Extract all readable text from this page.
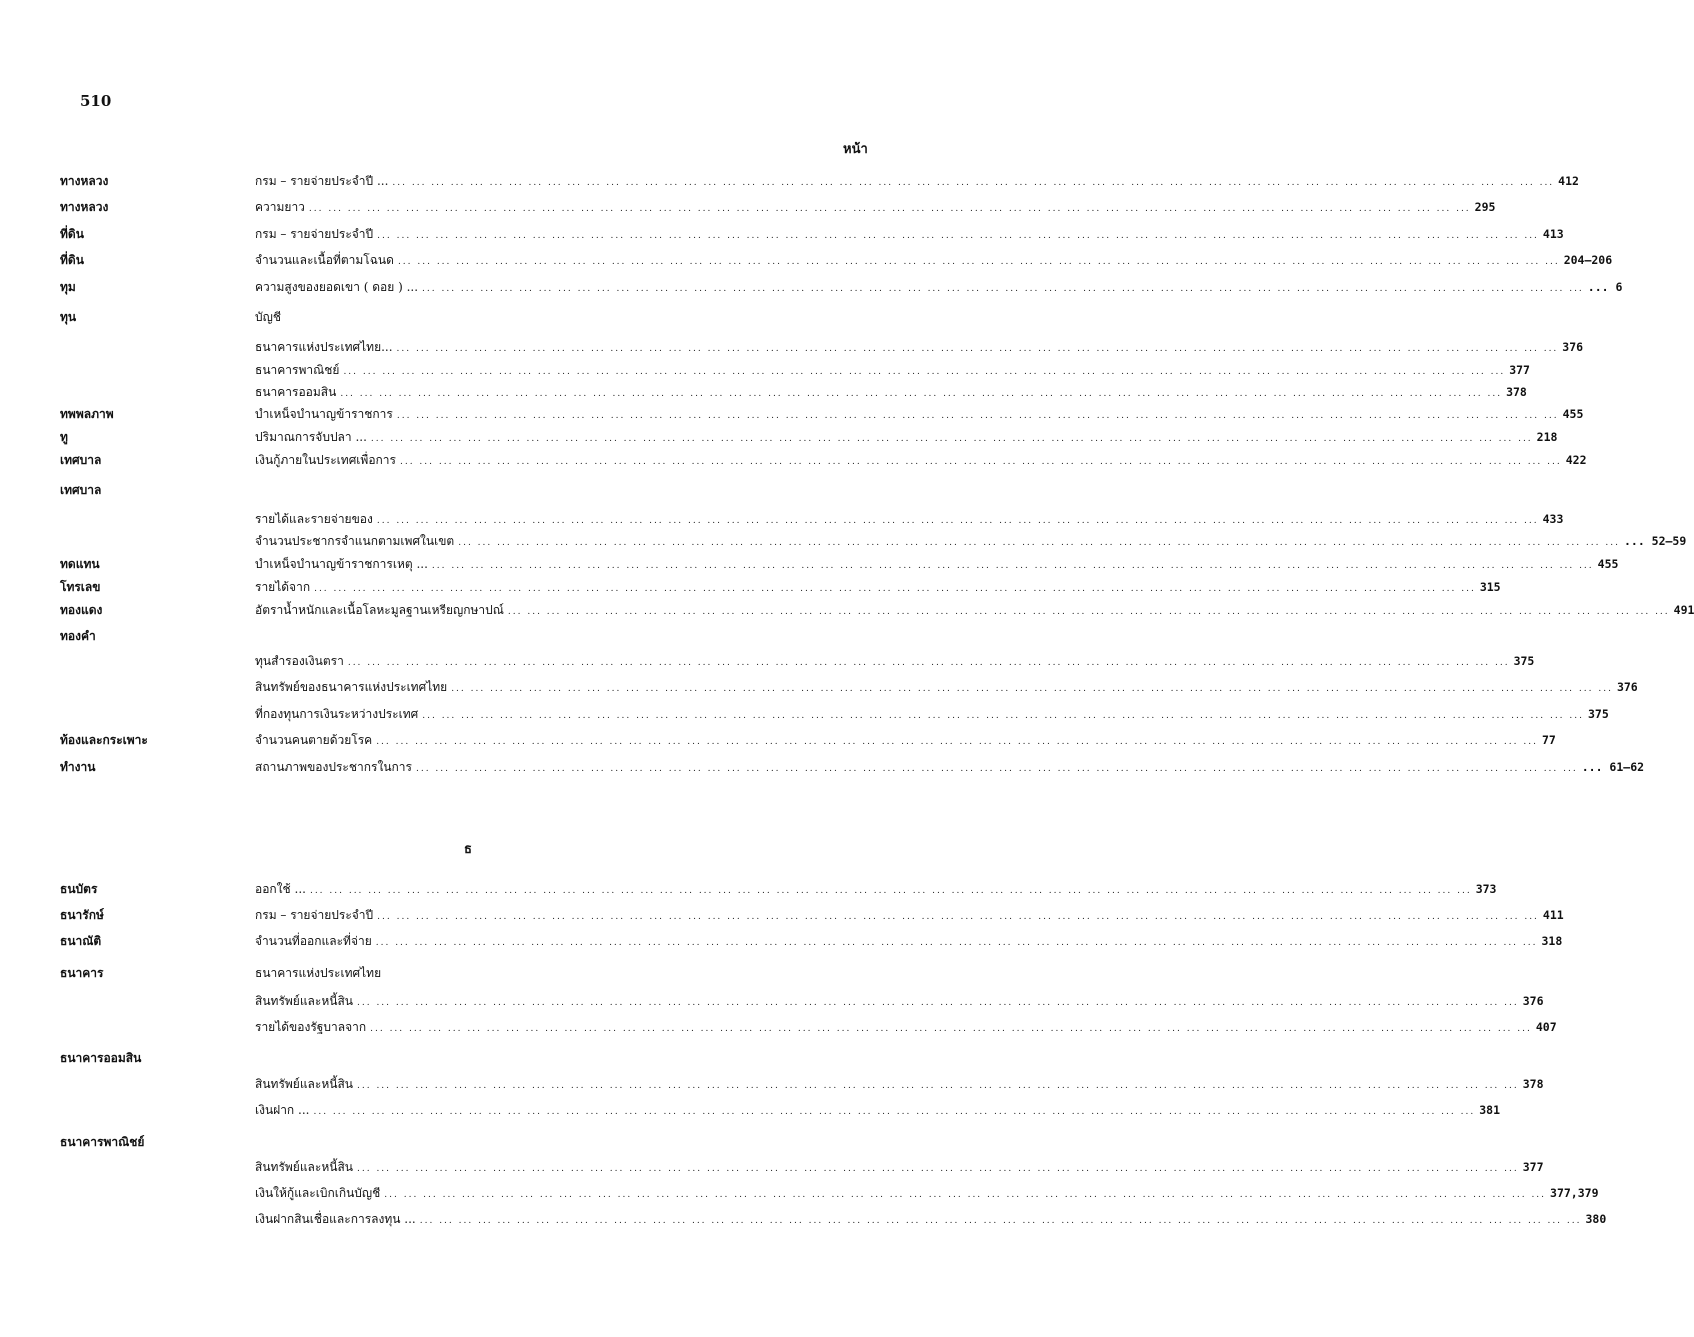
510
หน้า
ธ
ทางหลวง	กรม – รายจ่ายประจำปี ... ... ... ... ... ... ... ... ... ... ... ... ... ... ... ... ... ... ... ... ... ... ... ... ... ... ... ... ... ... ... ... ... ... ... ... ... ... ... ... ... ... ... ... ... ... ... ... ... ... ... ... ... ... ... ... ... ... ... ... ... 412
ทางหลวง	ความยาว ... ... ... ... ... ... ... ... ... ... ... ... ... ... ... ... ... ... ... ... ... ... ... ... ... ... ... ... ... ... ... ... ... ... ... ... ... ... ... ... ... ... ... ... ... ... ... ... ... ... ... ... ... ... ... ... ... ... ... ... 295
ที่ดิน	กรม – รายจ่ายประจำปี ... ... ... ... ... ... ... ... ... ... ... ... ... ... ... ... ... ... ... ... ... ... ... ... ... ... ... ... ... ... ... ... ... ... ... ... ... ... ... ... ... ... ... ... ... ... ... ... ... ... ... ... ... ... ... ... ... ... ... ... 413
ที่ดิน	จำนวนและเนื้อที่ตามโฉนด ... ... ... ... ... ... ... ... ... ... ... ... ... ... ... ... ... ... ... ... ... ... ... ... ... ... ... ... ... ... ... ... ... ... ... ... ... ... ... ... ... ... ... ... ... ... ... ... ... ... ... ... ... ... ... ... ... ... ... ... 204–206
ทุม	ความสูงของยอดเขา ( ดอย ) ... ... ... ... ... ... ... ... ... ... ... ... ... ... ... ... ... ... ... ... ... ... ... ... ... ... ... ... ... ... ... ... ... ... ... ... ... ... ... ... ... ... ... ... ... ... ... ... ... ... ... ... ... ... ... ... ... ... ... ... ... ... 6
ทุน	บัญชี
ธนาคารแห่งประเทศไทย... ... ... ... ... ... ... ... ... ... ... ... ... ... ... ... ... ... ... ... ... ... ... ... ... ... ... ... ... ... ... ... ... ... ... ... ... ... ... ... ... ... ... ... ... ... ... ... ... ... ... ... ... ... ... ... ... ... ... ... ... 376
ธนาคารพาณิชย์ ... ... ... ... ... ... ... ... ... ... ... ... ... ... ... ... ... ... ... ... ... ... ... ... ... ... ... ... ... ... ... ... ... ... ... ... ... ... ... ... ... ... ... ... ... ... ... ... ... ... ... ... ... ... ... ... ... ... ... ... 377
ธนาคารออมสิน ... ... ... ... ... ... ... ... ... ... ... ... ... ... ... ... ... ... ... ... ... ... ... ... ... ... ... ... ... ... ... ... ... ... ... ... ... ... ... ... ... ... ... ... ... ... ... ... ... ... ... ... ... ... ... ... ... ... ... ... 378
ทพพลภาพ	บำเหน็จบำนาญข้าราชการ ... ... ... ... ... ... ... ... ... ... ... ... ... ... ... ... ... ... ... ... ... ... ... ... ... ... ... ... ... ... ... ... ... ... ... ... ... ... ... ... ... ... ... ... ... ... ... ... ... ... ... ... ... ... ... ... ... ... ... ... 455
ทู	ปริมาณการจับปลา ... ... ... ... ... ... ... ... ... ... ... ... ... ... ... ... ... ... ... ... ... ... ... ... ... ... ... ... ... ... ... ... ... ... ... ... ... ... ... ... ... ... ... ... ... ... ... ... ... ... ... ... ... ... ... ... ... ... ... ... ... 218
เทศบาล	เงินกู้ภายในประเทศเพื่อการ ... ... ... ... ... ... ... ... ... ... ... ... ... ... ... ... ... ... ... ... ... ... ... ... ... ... ... ... ... ... ... ... ... ... ... ... ... ... ... ... ... ... ... ... ... ... ... ... ... ... ... ... ... ... ... ... ... ... ... ... 422
เทศบาล
รายได้และรายจ่ายของ ... ... ... ... ... ... ... ... ... ... ... ... ... ... ... ... ... ... ... ... ... ... ... ... ... ... ... ... ... ... ... ... ... ... ... ... ... ... ... ... ... ... ... ... ... ... ... ... ... ... ... ... ... ... ... ... ... ... ... ... 433
จำนวนประชากรจำแนกตามเพศในเขต ... ... ... ... ... ... ... ... ... ... ... ... ... ... ... ... ... ... ... ... ... ... ... ... ... ... ... ... ... ... ... ... ... ... ... ... ... ... ... ... ... ... ... ... ... ... ... ... ... ... ... ... ... ... ... ... ... ... ... ... ... 52–59
ทดแทน	บำเหน็จบำนาญข้าราชการเหตุ ... ... ... ... ... ... ... ... ... ... ... ... ... ... ... ... ... ... ... ... ... ... ... ... ... ... ... ... ... ... ... ... ... ... ... ... ... ... ... ... ... ... ... ... ... ... ... ... ... ... ... ... ... ... ... ... ... ... ... ... ... 455
โทรเลข	รายได้จาก ... ... ... ... ... ... ... ... ... ... ... ... ... ... ... ... ... ... ... ... ... ... ... ... ... ... ... ... ... ... ... ... ... ... ... ... ... ... ... ... ... ... ... ... ... ... ... ... ... ... ... ... ... ... ... ... ... ... ... ... 315
ทองแดง	อัตราน้ำหนักและเนื้อโลหะมูลฐานเหรียญกษาปณ์ ... ... ... ... ... ... ... ... ... ... ... ... ... ... ... ... ... ... ... ... ... ... ... ... ... ... ... ... ... ... ... ... ... ... ... ... ... ... ... ... ... ... ... ... ... ... ... ... ... ... ... ... ... ... ... ... ... ... ... ... 491
ทองคำ
ทุนสำรองเงินตรา ... ... ... ... ... ... ... ... ... ... ... ... ... ... ... ... ... ... ... ... ... ... ... ... ... ... ... ... ... ... ... ... ... ... ... ... ... ... ... ... ... ... ... ... ... ... ... ... ... ... ... ... ... ... ... ... ... ... ... ... 375
สินทรัพย์ของธนาคารแห่งประเทศไทย ... ... ... ... ... ... ... ... ... ... ... ... ... ... ... ... ... ... ... ... ... ... ... ... ... ... ... ... ... ... ... ... ... ... ... ... ... ... ... ... ... ... ... ... ... ... ... ... ... ... ... ... ... ... ... ... ... ... ... ... 376
ที่กองทุนการเงินระหว่างประเทศ ... ... ... ... ... ... ... ... ... ... ... ... ... ... ... ... ... ... ... ... ... ... ... ... ... ... ... ... ... ... ... ... ... ... ... ... ... ... ... ... ... ... ... ... ... ... ... ... ... ... ... ... ... ... ... ... ... ... ... ... 375
ท้องและกระเพาะ	จำนวนคนตายด้วยโรค ... ... ... ... ... ... ... ... ... ... ... ... ... ... ... ... ... ... ... ... ... ... ... ... ... ... ... ... ... ... ... ... ... ... ... ... ... ... ... ... ... ... ... ... ... ... ... ... ... ... ... ... ... ... ... ... ... ... ... ... 77
ทำงาน	สถานภาพของประชากรในการ ... ... ... ... ... ... ... ... ... ... ... ... ... ... ... ... ... ... ... ... ... ... ... ... ... ... ... ... ... ... ... ... ... ... ... ... ... ... ... ... ... ... ... ... ... ... ... ... ... ... ... ... ... ... ... ... ... ... ... ... ... 61–62
ธนบัตร	ออกใช้ ... ... ... ... ... ... ... ... ... ... ... ... ... ... ... ... ... ... ... ... ... ... ... ... ... ... ... ... ... ... ... ... ... ... ... ... ... ... ... ... ... ... ... ... ... ... ... ... ... ... ... ... ... ... ... ... ... ... ... ... ... 373
ธนารักษ์	กรม – รายจ่ายประจำปี ... ... ... ... ... ... ... ... ... ... ... ... ... ... ... ... ... ... ... ... ... ... ... ... ... ... ... ... ... ... ... ... ... ... ... ... ... ... ... ... ... ... ... ... ... ... ... ... ... ... ... ... ... ... ... ... ... ... ... ... 411
ธนาณัติ	จำนวนที่ออกและที่จ่าย ... ... ... ... ... ... ... ... ... ... ... ... ... ... ... ... ... ... ... ... ... ... ... ... ... ... ... ... ... ... ... ... ... ... ... ... ... ... ... ... ... ... ... ... ... ... ... ... ... ... ... ... ... ... ... ... ... ... ... ... 318
ธนาคาร	ธนาคารแห่งประเทศไทย
สินทรัพย์และหนี้สิน ... ... ... ... ... ... ... ... ... ... ... ... ... ... ... ... ... ... ... ... ... ... ... ... ... ... ... ... ... ... ... ... ... ... ... ... ... ... ... ... ... ... ... ... ... ... ... ... ... ... ... ... ... ... ... ... ... ... ... ... 376
รายได้ของรัฐบาลจาก ... ... ... ... ... ... ... ... ... ... ... ... ... ... ... ... ... ... ... ... ... ... ... ... ... ... ... ... ... ... ... ... ... ... ... ... ... ... ... ... ... ... ... ... ... ... ... ... ... ... ... ... ... ... ... ... ... ... ... ... 407
ธนาคารออมสิน
สินทรัพย์และหนี้สิน ... ... ... ... ... ... ... ... ... ... ... ... ... ... ... ... ... ... ... ... ... ... ... ... ... ... ... ... ... ... ... ... ... ... ... ... ... ... ... ... ... ... ... ... ... ... ... ... ... ... ... ... ... ... ... ... ... ... ... ... 378
เงินฝาก ... ... ... ... ... ... ... ... ... ... ... ... ... ... ... ... ... ... ... ... ... ... ... ... ... ... ... ... ... ... ... ... ... ... ... ... ... ... ... ... ... ... ... ... ... ... ... ... ... ... ... ... ... ... ... ... ... ... ... ... ... 381
ธนาคารพาณิชย์
สินทรัพย์และหนี้สิน ... ... ... ... ... ... ... ... ... ... ... ... ... ... ... ... ... ... ... ... ... ... ... ... ... ... ... ... ... ... ... ... ... ... ... ... ... ... ... ... ... ... ... ... ... ... ... ... ... ... ... ... ... ... ... ... ... ... ... ... 377
เงินให้กู้และเบิกเกินบัญชี ... ... ... ... ... ... ... ... ... ... ... ... ... ... ... ... ... ... ... ... ... ... ... ... ... ... ... ... ... ... ... ... ... ... ... ... ... ... ... ... ... ... ... ... ... ... ... ... ... ... ... ... ... ... ... ... ... ... ... ... 377,379
เงินฝากสินเชื่อและการลงทุน ... ... ... ... ... ... ... ... ... ... ... ... ... ... ... ... ... ... ... ... ... ... ... ... ... ... ... ... ... ... ... ... ... ... ... ... ... ... ... ... ... ... ... ... ... ... ... ... ... ... ... ... ... ... ... ... ... ... ... ... ... 380
